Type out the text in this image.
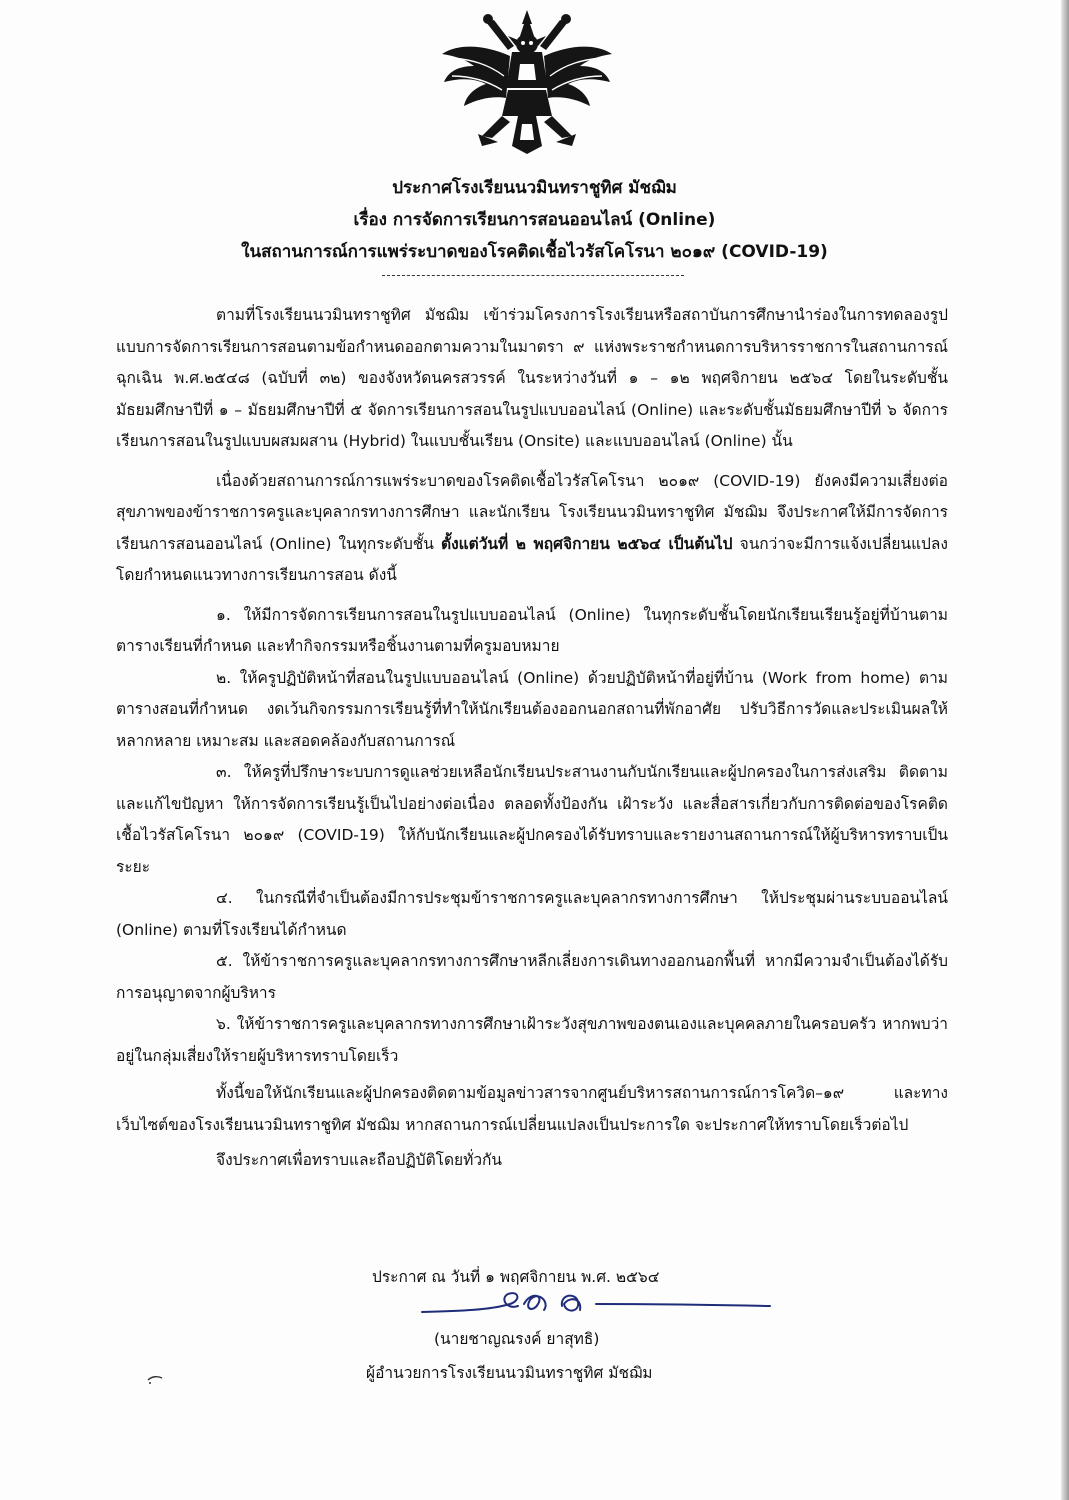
ประกาศโรงเรียนนวมินทราชูทิศ มัชฌิม
เรื่อง การจัดการเรียนการสอนออนไลน์ (Online)
ในสถานการณ์การแพร่ระบาดของโรคติดเชื้อไวรัสโคโรนา ๒๐๑๙ (COVID-19)

ตามที่โรงเรียนนวมินทราชูทิศ มัชฌิม เข้าร่วมโครงการโรงเรียนหรือสถาบันการศึกษานำร่องในการทดลองรูปแบบการจัดการเรียนการสอนตามข้อกำหนดออกตามความในมาตรา ๙ แห่งพระราชกำหนดการบริหารราชการในสถานการณ์ฉุกเฉิน พ.ศ.๒๕๔๘ (ฉบับที่ ๓๒) ของจังหวัดนครสวรรค์ ในระหว่างวันที่ ๑ – ๑๒ พฤศจิกายน ๒๕๖๔ โดยในระดับชั้นมัธยมศึกษาปีที่ ๑ – มัธยมศึกษาปีที่ ๕ จัดการเรียนการสอนในรูปแบบออนไลน์ (Online) และระดับชั้นมัธยมศึกษาปีที่ ๖ จัดการเรียนการสอนในรูปแบบผสมผสาน (Hybrid) ในแบบชั้นเรียน (Onsite) และแบบออนไลน์ (Online) นั้น

เนื่องด้วยสถานการณ์การแพร่ระบาดของโรคติดเชื้อไวรัสโคโรนา ๒๐๑๙ (COVID-19) ยังคงมีความเสี่ยงต่อสุขภาพของข้าราชการครูและบุคลากรทางการศึกษา และนักเรียน โรงเรียนนวมินทราชูทิศ มัชฌิม จึงประกาศให้มีการจัดการเรียนการสอนออนไลน์ (Online) ในทุกระดับชั้น ตั้งแต่วันที่ ๒ พฤศจิกายน ๒๕๖๔ เป็นต้นไป จนกว่าจะมีการแจ้งเปลี่ยนแปลง โดยกำหนดแนวทางการเรียนการสอน ดังนี้

๑. ให้มีการจัดการเรียนการสอนในรูปแบบออนไลน์ (Online) ในทุกระดับชั้นโดยนักเรียนเรียนรู้อยู่ที่บ้านตามตารางเรียนที่กำหนด และทำกิจกรรมหรือชิ้นงานตามที่ครูมอบหมาย

๒. ให้ครูปฏิบัติหน้าที่สอนในรูปแบบออนไลน์ (Online) ด้วยปฏิบัติหน้าที่อยู่ที่บ้าน (Work from home) ตามตารางสอนที่กำหนด งดเว้นกิจกรรมการเรียนรู้ที่ทำให้นักเรียนต้องออกนอกสถานที่พักอาศัย ปรับวิธีการวัดและประเมินผลให้หลากหลาย เหมาะสม และสอดคล้องกับสถานการณ์

๓. ให้ครูที่ปรึกษาระบบการดูแลช่วยเหลือนักเรียนประสานงานกับนักเรียนและผู้ปกครองในการส่งเสริม ติดตาม และแก้ไขปัญหา ให้การจัดการเรียนรู้เป็นไปอย่างต่อเนื่อง ตลอดทั้งป้องกัน เฝ้าระวัง และสื่อสารเกี่ยวกับการติดต่อของโรคติดเชื้อไวรัสโคโรนา ๒๐๑๙ (COVID-19) ให้กับนักเรียนและผู้ปกครองได้รับทราบและรายงานสถานการณ์ให้ผู้บริหารทราบเป็นระยะ

๔. ในกรณีที่จำเป็นต้องมีการประชุมข้าราชการครูและบุคลากรทางการศึกษา ให้ประชุมผ่านระบบออนไลน์ (Online) ตามที่โรงเรียนได้กำหนด

๕. ให้ข้าราชการครูและบุคลากรทางการศึกษาหลีกเลี่ยงการเดินทางออกนอกพื้นที่ หากมีความจำเป็นต้องได้รับการอนุญาตจากผู้บริหาร

๖. ให้ข้าราชการครูและบุคลากรทางการศึกษาเฝ้าระวังสุขภาพของตนเองและบุคคลภายในครอบครัว หากพบว่าอยู่ในกลุ่มเสี่ยงให้รายผู้บริหารทราบโดยเร็ว

ทั้งนี้ขอให้นักเรียนและผู้ปกครองติดตามข้อมูลข่าวสารจากศูนย์บริหารสถานการณ์การโควิด–๑๙ และทางเว็บไซต์ของโรงเรียนนวมินทราชูทิศ มัชฌิม หากสถานการณ์เปลี่ยนแปลงเป็นประการใด จะประกาศให้ทราบโดยเร็วต่อไป

จึงประกาศเพื่อทราบและถือปฏิบัติโดยทั่วกัน

ประกาศ ณ วันที่ ๑ พฤศจิกายน พ.ศ. ๒๕๖๔
(นายชาญณรงค์ ยาสุทธิ)
ผู้อำนวยการโรงเรียนนวมินทราชูทิศ มัชฌิม
